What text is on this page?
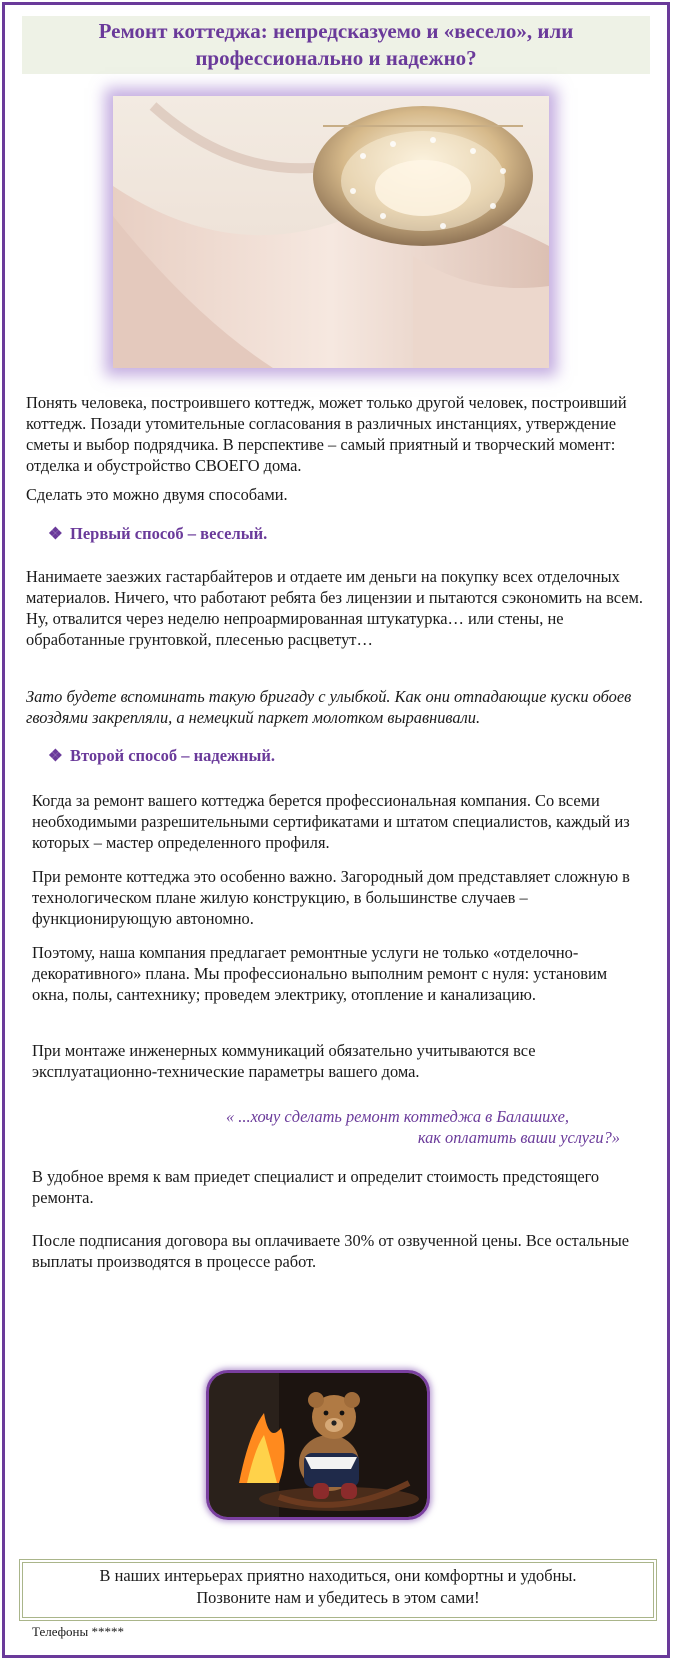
Ремонт коттеджа: непредсказуемо и «весело», или профессионально и надежно?

Понять человека, построившего коттедж, может только другой человек, построивший коттедж. Позади утомительные согласования в различных инстанциях, утверждение сметы и выбор подрядчика. В перспективе – самый приятный и творческий момент: отделка и обустройство СВОЕГО дома.

Сделать это можно двумя способами.

❖ Первый способ – веселый.

Нанимаете заезжих гастарбайтеров и отдаете им деньги на покупку всех отделочных материалов. Ничего, что работают ребята без лицензии и пытаются сэкономить на всем. Ну, отвалится через неделю непроармированная штукатурка… или стены, не обработанные грунтовкой, плесенью расцветут…

Зато будете вспоминать такую бригаду с улыбкой. Как они отпадающие куски обоев гвоздями закрепляли, а немецкий паркет молотком выравнивали.

❖ Второй способ – надежный.

Когда за ремонт вашего коттеджа берется профессиональная компания. Со всеми необходимыми разрешительными сертификатами и штатом специалистов, каждый из которых – мастер определенного профиля.

При ремонте коттеджа это особенно важно. Загородный дом представляет сложную в технологическом плане жилую конструкцию, в большинстве случаев – функционирующую автономно.

Поэтому, наша компания предлагает ремонтные услуги не только «отделочно-декоративного» плана. Мы профессионально выполним ремонт с нуля: установим окна, полы, сантехнику; проведем электрику, отопление и канализацию.

При монтаже инженерных коммуникаций обязательно учитываются все эксплуатационно-технические параметры вашего дома.

« ...хочу сделать ремонт коттеджа в Балашихе,
как оплатить ваши услуги?»

В удобное время к вам приедет специалист и определит стоимость предстоящего ремонта.

После подписания договора вы оплачиваете 30% от озвученной цены. Все остальные выплаты производятся в процессе работ.

В наших интерьерах приятно находиться, они комфортны и удобны.
Позвоните нам и убедитесь в этом сами!
Телефоны *****
